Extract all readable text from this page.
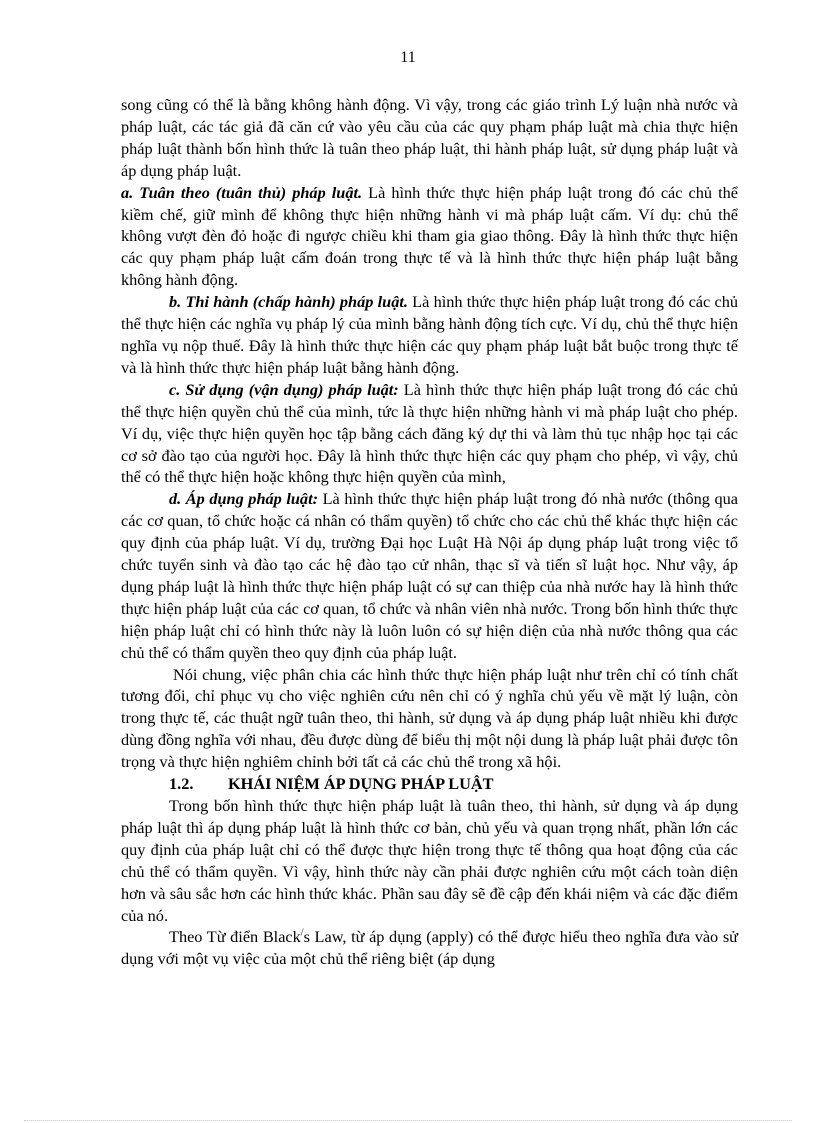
11

song cũng có thể là bằng không hành động. Vì vậy, trong các giáo trình Lý luận nhà nước và pháp luật, các tác giả đã căn cứ vào yêu cầu của các quy phạm pháp luật mà chia thực hiện pháp luật thành bốn hình thức là tuân theo pháp luật, thi hành pháp luật, sử dụng pháp luật và áp dụng pháp luật.

a. Tuân theo (tuân thủ) pháp luật. Là hình thức thực hiện pháp luật trong đó các chủ thể kiềm chế, giữ mình để không thực hiện những hành vi mà pháp luật cấm. Ví dụ: chủ thể không vượt đèn đỏ hoặc đi ngược chiều khi tham gia giao thông. Đây là hình thức thực hiện các quy phạm pháp luật cấm đoán trong thực tế và là hình thức thực hiện pháp luật bằng không hành động.

b. Thi hành (chấp hành) pháp luật. Là hình thức thực hiện pháp luật trong đó các chủ thể thực hiện các nghĩa vụ pháp lý của mình bằng hành động tích cực. Ví dụ, chủ thể thực hiện nghĩa vụ nộp thuế. Đây là hình thức thực hiện các quy phạm pháp luật bắt buộc trong thực tế và là hình thức thực hiện pháp luật bằng hành động.

c. Sử dụng (vận dụng) pháp luật: Là hình thức thực hiện pháp luật trong đó các chủ thể thực hiện quyền chủ thể của mình, tức là thực hiện những hành vi mà pháp luật cho phép. Ví dụ, việc thực hiện quyền học tập bằng cách đăng ký dự thi và làm thủ tục nhập học tại các cơ sở đào tạo của người học. Đây là hình thức thực hiện các quy phạm cho phép, vì vậy, chủ thể có thể thực hiện hoặc không thực hiện quyền của mình,

d. Áp dụng pháp luật: Là hình thức thực hiện pháp luật trong đó nhà nước (thông qua các cơ quan, tổ chức hoặc cá nhân có thẩm quyền) tổ chức cho các chủ thể khác thực hiện các quy định của pháp luật. Ví dụ, trường Đại học Luật Hà Nội áp dụng pháp luật trong việc tổ chức tuyển sinh và đào tạo các hệ đào tạo cử nhân, thạc sĩ và tiến sĩ luật học. Như vậy, áp dụng pháp luật là hình thức thực hiện pháp luật có sự can thiệp của nhà nước hay là hình thức thực hiện pháp luật của các cơ quan, tổ chức và nhân viên nhà nước. Trong bốn hình thức thực hiện pháp luật chỉ có hình thức này là luôn luôn có sự hiện diện của nhà nước thông qua các chủ thể có thẩm quyền theo quy định của pháp luật.

Nói chung, việc phân chia các hình thức thực hiện pháp luật như trên chỉ có tính chất tương đối, chỉ phục vụ cho việc nghiên cứu nên chỉ có ý nghĩa chủ yếu về mặt lý luận, còn trong thực tế, các thuật ngữ tuân theo, thi hành, sử dụng và áp dụng pháp luật nhiều khi được dùng đồng nghĩa với nhau, đều được dùng để biểu thị một nội dung là pháp luật phải được tôn trọng và thực hiện nghiêm chỉnh bởi tất cả các chủ thể trong xã hội.

1.2.	KHÁI NIỆM ÁP DỤNG PHÁP LUẬT

Trong bốn hình thức thực hiện pháp luật là tuân theo, thi hành, sử dụng và áp dụng pháp luật thì áp dụng pháp luật là hình thức cơ bản, chủ yếu và quan trọng nhất, phần lớn các quy định của pháp luật chỉ có thể được thực hiện trong thực tế thông qua hoạt động của các chủ thể có thẩm quyền. Vì vậy, hình thức này cần phải được nghiên cứu một cách toàn diện hơn và sâu sắc hơn các hình thức khác. Phần sau đây sẽ đề cập đến khái niệm và các đặc điểm của nó.

Theo Từ điển Black/s Law, từ áp dụng (apply) có thể được hiểu theo nghĩa đưa vào sử dụng với một vụ việc của một chủ thể riêng biệt (áp dụng
